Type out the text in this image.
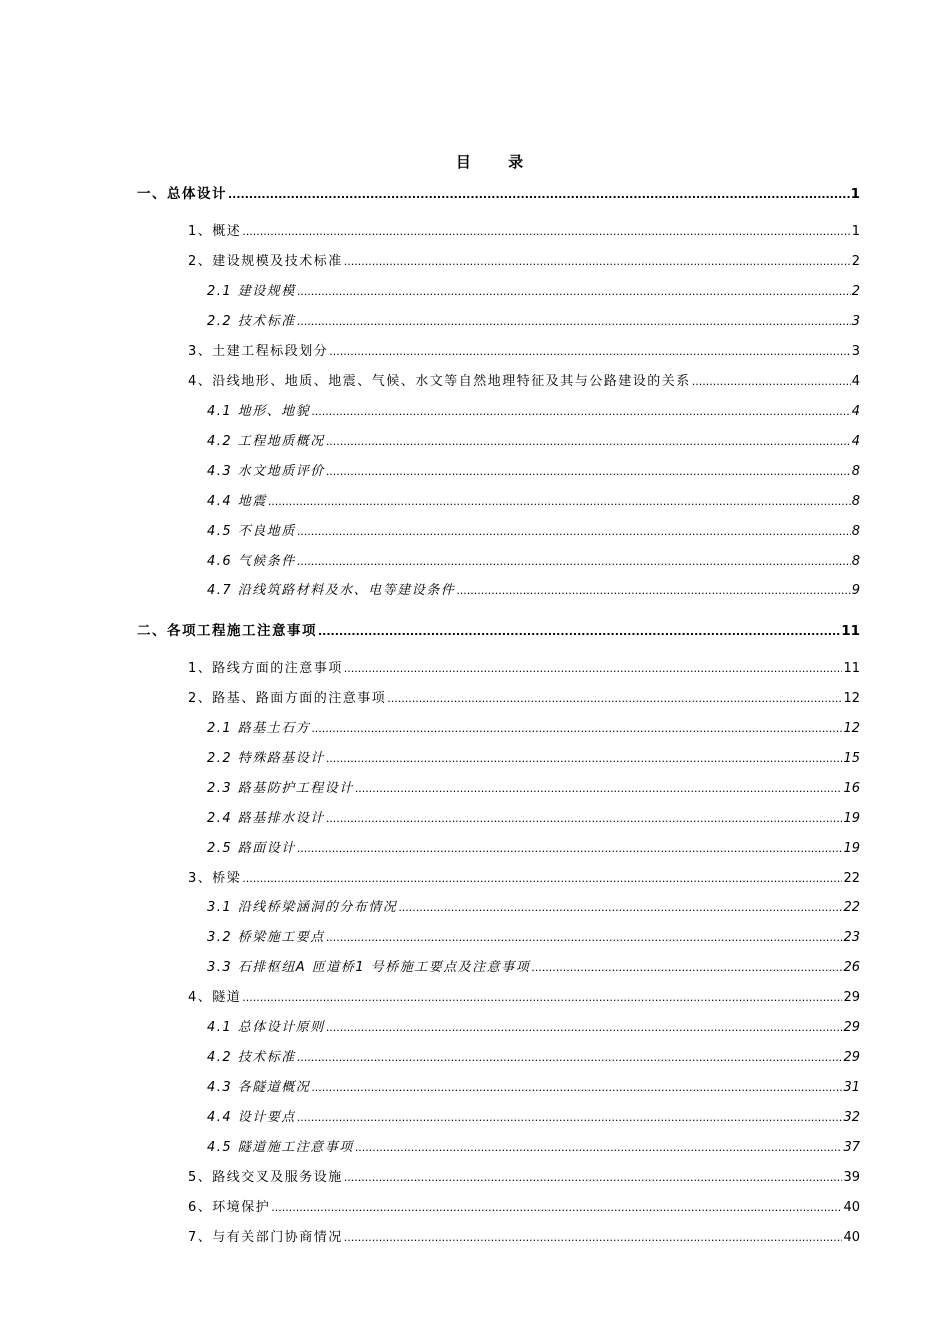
目 录
一、总体设计 .....	1
1、概述 .....	1
2、建设规模及技术标准 .....	2
2.1 建设规模 .....	2
2.2 技术标准 .....	3
3、土建工程标段划分 .....	3
4、沿线地形、地质、地震、气候、水文等自然地理特征及其与公路建设的关系 .....	4
4.1 地形、地貌 .....	4
4.2 工程地质概况 .....	4
4.3 水文地质评价 .....	8
4.4 地震 .....	8
4.5 不良地质 .....	8
4.6 气候条件 .....	8
4.7 沿线筑路材料及水、电等建设条件 .....	9
二、各项工程施工注意事项 .....	11
1、路线方面的注意事项 .....	11
2、路基、路面方面的注意事项 .....	12
2.1 路基土石方 .....	12
2.2 特殊路基设计 .....	15
2.3 路基防护工程设计 .....	16
2.4 路基排水设计 .....	19
2.5 路面设计 .....	19
3、桥梁 .....	22
3.1 沿线桥梁涵洞的分布情况 .....	22
3.2 桥梁施工要点 .....	23
3.3 石排枢纽A 匝道桥1 号桥施工要点及注意事项 .....	26
4、隧道 .....	29
4.1 总体设计原则 .....	29
4.2 技术标准 .....	29
4.3 各隧道概况 .....	31
4.4 设计要点 .....	32
4.5 隧道施工注意事项 .....	37
5、路线交叉及服务设施 .....	39
6、环境保护 .....	40
7、与有关部门协商情况 .....	40
